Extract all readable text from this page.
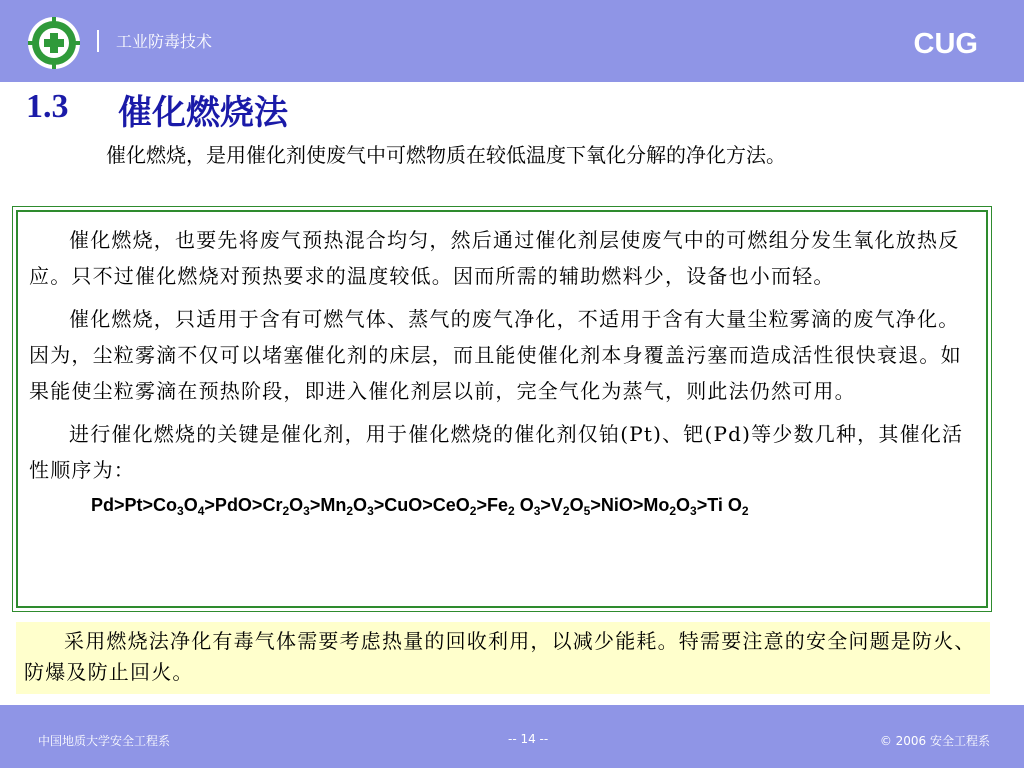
工业防毒技术	CUG
1.3 催化燃烧法
催化燃烧，是用催化剂使废气中可燃物质在较低温度下氧化分解的净化方法。

催化燃烧，也要先将废气预热混合均匀，然后通过催化剂层使废气中的可燃组分发生氧化放热反应。只不过催化燃烧对预热要求的温度较低。因而所需的辅助燃料少，设备也小而轻。

催化燃烧，只适用于含有可燃气体、蒸气的废气净化，不适用于含有大量尘粒雾滴的废气净化。因为，尘粒雾滴不仅可以堵塞催化剂的床层，而且能使催化剂本身覆盖污塞而造成活性很快衰退。如果能使尘粒雾滴在预热阶段，即进入催化剂层以前，完全气化为蒸气，则此法仍然可用。

进行催化燃烧的关键是催化剂，用于催化燃烧的催化剂仅铂(Pt)、钯(Pd)等少数几种，其催化活性顺序为：

$Pd>Pt>Co_3O_4>PdO>Cr_2O_3>Mn_2O_3>CuO>CeO_2>Fe_2$ $O_3>V_2O_5>NiO>Mo_2O_3>Ti$ $O_2$

采用燃烧法净化有毒气体需要考虑热量的回收利用，以减少能耗。特需要注意的安全问题是防火、防爆及防止回火。

中国地质大学安全工程系	-- 14 --	© 2006 安全工程系
